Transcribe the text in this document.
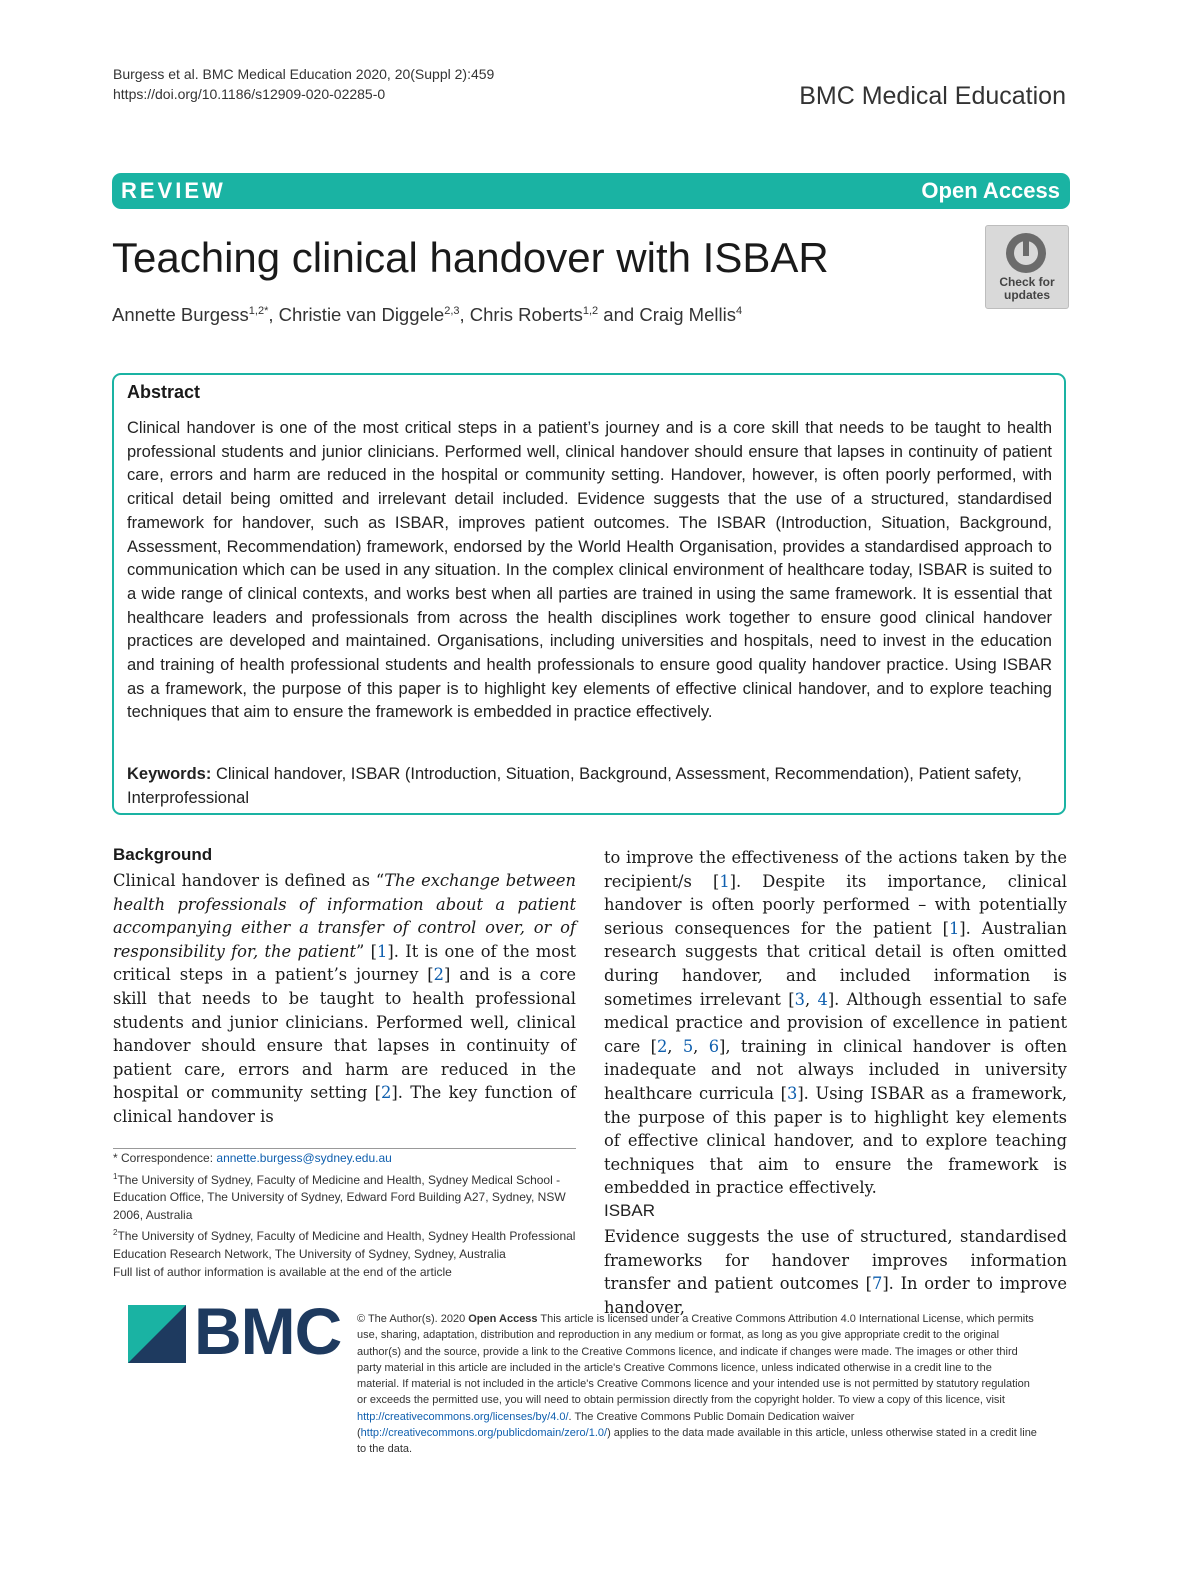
Burgess et al. BMC Medical Education 2020, 20(Suppl 2):459
https://doi.org/10.1186/s12909-020-02285-0	BMC Medical Education
REVIEW	Open Access
Teaching clinical handover with ISBAR
Annette Burgess$^{1,2*}$, Christie van Diggele$^{2,3}$, Chris Roberts$^{1,2}$ and Craig Mellis$^4$
Check for
updates
Abstract

Clinical handover is one of the most critical steps in a patient’s journey and is a core skill that needs to be taught to health professional students and junior clinicians. Performed well, clinical handover should ensure that lapses in continuity of patient care, errors and harm are reduced in the hospital or community setting. Handover, however, is often poorly performed, with critical detail being omitted and irrelevant detail included. Evidence suggests that the use of a structured, standardised framework for handover, such as ISBAR, improves patient outcomes. The ISBAR (Introduction, Situation, Background, Assessment, Recommendation) framework, endorsed by the World Health Organisation, provides a standardised approach to communication which can be used in any situation. In the complex clinical environment of healthcare today, ISBAR is suited to a wide range of clinical contexts, and works best when all parties are trained in using the same framework. It is essential that healthcare leaders and professionals from across the health disciplines work together to ensure good clinical handover practices are developed and maintained. Organisations, including universities and hospitals, need to invest in the education and training of health professional students and health professionals to ensure good quality handover practice. Using ISBAR as a framework, the purpose of this paper is to highlight key elements of effective clinical handover, and to explore teaching techniques that aim to ensure the framework is embedded in practice effectively.

Keywords: Clinical handover, ISBAR (Introduction, Situation, Background, Assessment, Recommendation), Patient safety, Interprofessional

Background

Clinical handover is defined as “The exchange between health professionals of information about a patient accompanying either a transfer of control over, or of responsibility for, the patient” [1]. It is one of the most critical steps in a patient’s journey [2] and is a core skill that needs to be taught to health professional students and junior clinicians. Performed well, clinical handover should ensure that lapses in continuity of patient care, errors and harm are reduced in the hospital or community setting [2]. The key function of clinical handover is

* Correspondence: annette.burgess@sydney.edu.au

$^1$The University of Sydney, Faculty of Medicine and Health, Sydney Medical School - Education Office, The University of Sydney, Edward Ford Building A27, Sydney, NSW 2006, Australia

$^2$The University of Sydney, Faculty of Medicine and Health, Sydney Health Professional Education Research Network, The University of Sydney, Sydney, Australia

Full list of author information is available at the end of the article

to improve the effectiveness of the actions taken by the recipient/s [1]. Despite its importance, clinical handover is often poorly performed – with potentially serious consequences for the patient [1]. Australian research suggests that critical detail is often omitted during handover, and included information is sometimes irrelevant [3, 4]. Although essential to safe medical practice and provision of excellence in patient care [2, 5, 6], training in clinical handover is often inadequate and not always included in university healthcare curricula [3]. Using ISBAR as a framework, the purpose of this paper is to highlight key elements of effective clinical handover, and to explore teaching techniques that aim to ensure the framework is embedded in practice effectively.

ISBAR

Evidence suggests the use of structured, standardised frameworks for handover improves information transfer and patient outcomes [7]. In order to improve handover,

BMC © The Author(s). 2020 Open Access This article is licensed under a Creative Commons Attribution 4.0 International License, which permits use, sharing, adaptation, distribution and reproduction in any medium or format, as long as you give appropriate credit to the original author(s) and the source, provide a link to the Creative Commons licence, and indicate if changes were made. The images or other third party material in this article are included in the article's Creative Commons licence, unless indicated otherwise in a credit line to the material. If material is not included in the article's Creative Commons licence and your intended use is not permitted by statutory regulation or exceeds the permitted use, you will need to obtain permission directly from the copyright holder. To view a copy of this licence, visit http://creativecommons.org/licenses/by/4.0/. The Creative Commons Public Domain Dedication waiver (http://creativecommons.org/publicdomain/zero/1.0/) applies to the data made available in this article, unless otherwise stated in a credit line to the data.
